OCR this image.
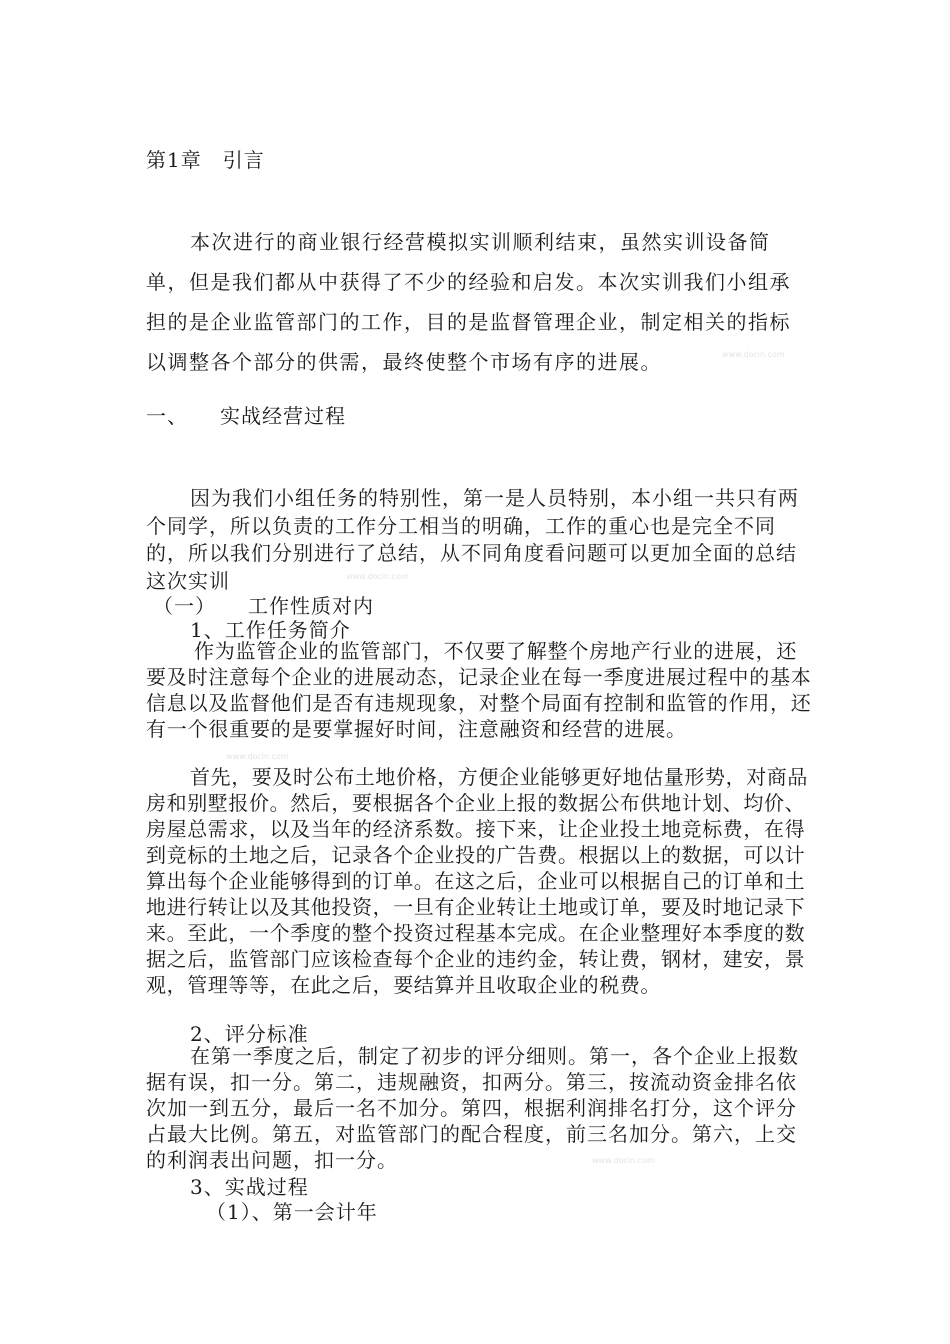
第1章　引言

本次进行的商业银行经营模拟实训顺利结束，虽然实训设备简单，但是我们都从中获得了不少的经验和启发。本次实训我们小组承担的是企业监管部门的工作，目的是监督管理企业，制定相关的指标以调整各个部分的供需，最终使整个市场有序的进展。	www.docin.com
一、　　实战经营过程

因为我们小组任务的特别性，第一是人员特别，本小组一共只有两个同学，所以负责的工作分工相当的明确，工作的重心也是完全不同的，所以我们分别进行了总结，从不同角度看问题可以更加全面的总结这次实训	www.docin.com
（一）　　工作性质对内
1、工作任务简介

作为监管企业的监管部门，不仅要了解整个房地产行业的进展，还要及时注意每个企业的进展动态，记录企业在每一季度进展过程中的基本信息以及监督他们是否有违规现象，对整个局面有控制和监管的作用，还有一个很重要的是要掌握好时间，注意融资和经营的进展。

www.docin.com

首先，要及时公布土地价格，方便企业能够更好地估量形势，对商品房和别墅报价。然后，要根据各个企业上报的数据公布供地计划、均价、房屋总需求，以及当年的经济系数。接下来，让企业投土地竞标费，在得到竞标的土地之后，记录各个企业投的广告费。根据以上的数据，可以计算出每个企业能够得到的订单。在这之后，企业可以根据自己的订单和土地进行转让以及其他投资，一旦有企业转让土地或订单，要及时地记录下来。至此，一个季度的整个投资过程基本完成。在企业整理好本季度的数据之后，监管部门应该检查每个企业的违约金，转让费，钢材，建安，景观，管理等等，在此之后，要结算并且收取企业的税费。

2、评分标准

在第一季度之后，制定了初步的评分细则。第一，各个企业上报数据有误，扣一分。第二，违规融资，扣两分。第三，按流动资金排名依次加一到五分，最后一名不加分。第四，根据利润排名打分，这个评分占最大比例。第五，对监管部门的配合程度，前三名加分。第六，上交的利润表出问题，扣一分。	www.docin.com
3、实战过程
（1）、第一会计年
